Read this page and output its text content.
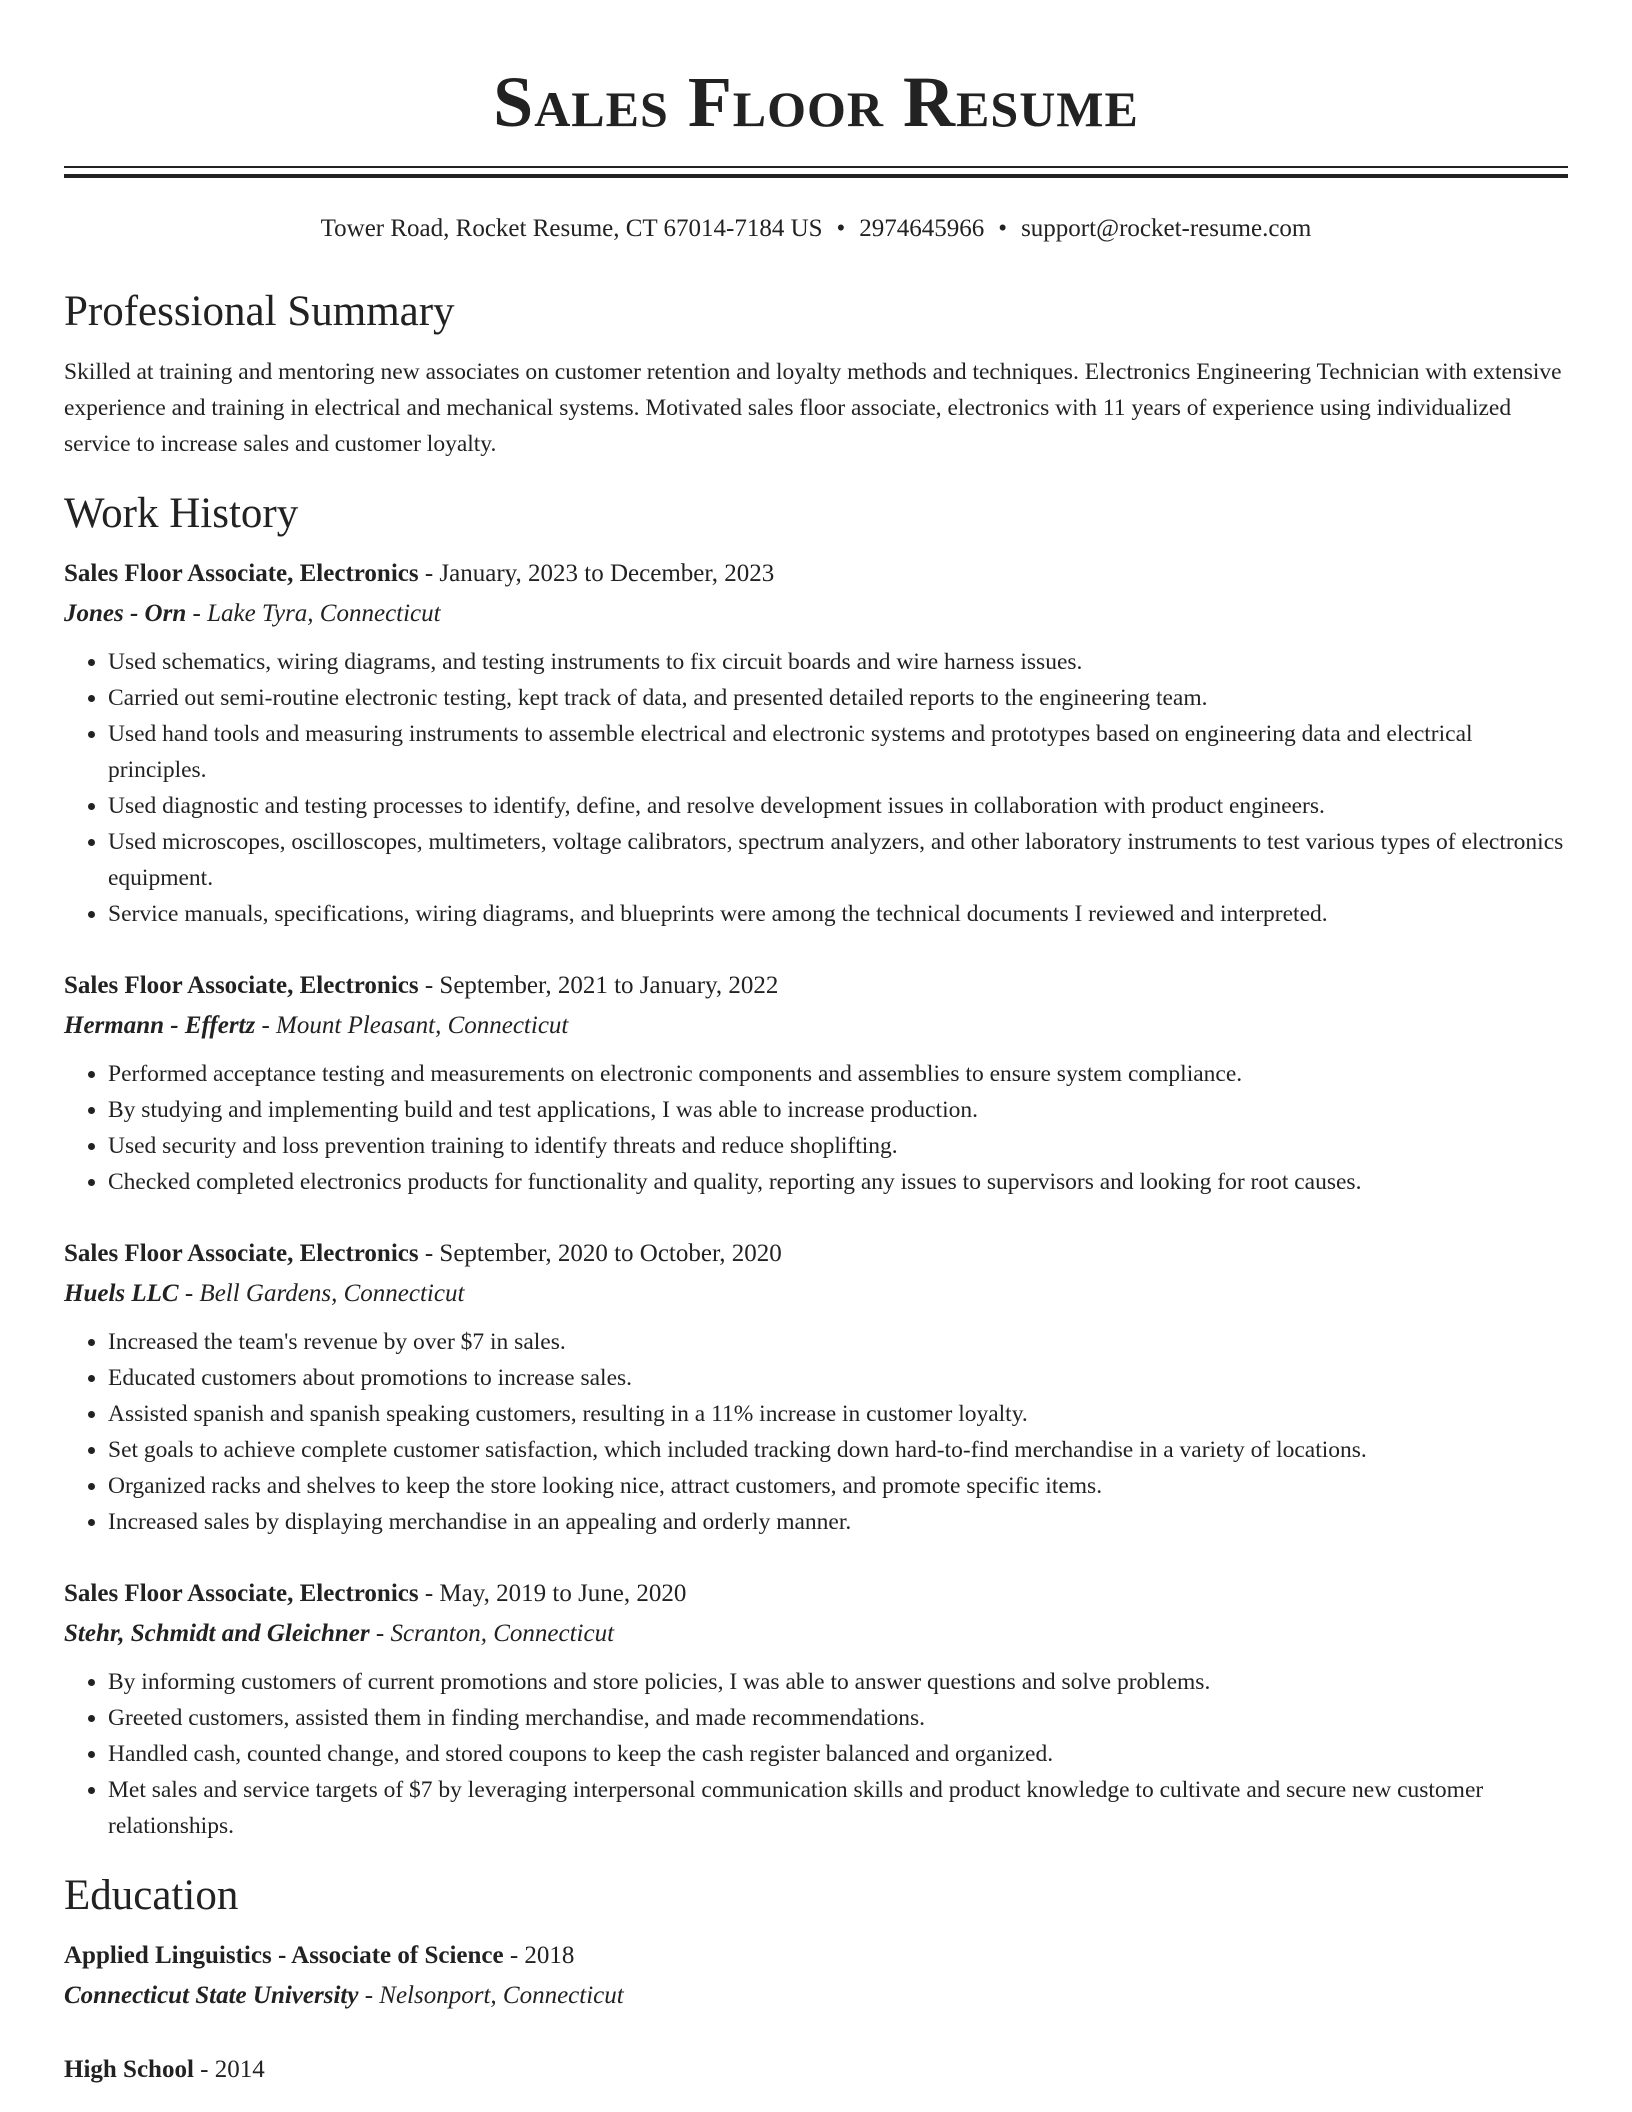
Sales Floor Resume
Tower Road, Rocket Resume, CT 67014-7184 US • 2974645966 • support@rocket-resume.com
Professional Summary
Skilled at training and mentoring new associates on customer retention and loyalty methods and techniques. Electronics Engineering Technician with extensive experience and training in electrical and mechanical systems. Motivated sales floor associate, electronics with 11 years of experience using individualized service to increase sales and customer loyalty.
Work History
Sales Floor Associate, Electronics - January, 2023 to December, 2023
Jones - Orn - Lake Tyra, Connecticut
• Used schematics, wiring diagrams, and testing instruments to fix circuit boards and wire harness issues.
• Carried out semi-routine electronic testing, kept track of data, and presented detailed reports to the engineering team.
• Used hand tools and measuring instruments to assemble electrical and electronic systems and prototypes based on engineering data and electrical principles.
• Used diagnostic and testing processes to identify, define, and resolve development issues in collaboration with product engineers.
• Used microscopes, oscilloscopes, multimeters, voltage calibrators, spectrum analyzers, and other laboratory instruments to test various types of electronics equipment.
• Service manuals, specifications, wiring diagrams, and blueprints were among the technical documents I reviewed and interpreted.
Sales Floor Associate, Electronics - September, 2021 to January, 2022
Hermann - Effertz - Mount Pleasant, Connecticut
• Performed acceptance testing and measurements on electronic components and assemblies to ensure system compliance.
• By studying and implementing build and test applications, I was able to increase production.
• Used security and loss prevention training to identify threats and reduce shoplifting.
• Checked completed electronics products for functionality and quality, reporting any issues to supervisors and looking for root causes.
Sales Floor Associate, Electronics - September, 2020 to October, 2020
Huels LLC - Bell Gardens, Connecticut
• Increased the team's revenue by over $7 in sales.
• Educated customers about promotions to increase sales.
• Assisted spanish and spanish speaking customers, resulting in a 11% increase in customer loyalty.
• Set goals to achieve complete customer satisfaction, which included tracking down hard-to-find merchandise in a variety of locations.
• Organized racks and shelves to keep the store looking nice, attract customers, and promote specific items.
• Increased sales by displaying merchandise in an appealing and orderly manner.
Sales Floor Associate, Electronics - May, 2019 to June, 2020
Stehr, Schmidt and Gleichner - Scranton, Connecticut
• By informing customers of current promotions and store policies, I was able to answer questions and solve problems.
• Greeted customers, assisted them in finding merchandise, and made recommendations.
• Handled cash, counted change, and stored coupons to keep the cash register balanced and organized.
• Met sales and service targets of $7 by leveraging interpersonal communication skills and product knowledge to cultivate and secure new customer relationships.
Education
Applied Linguistics - Associate of Science - 2018
Connecticut State University - Nelsonport, Connecticut
High School - 2014
